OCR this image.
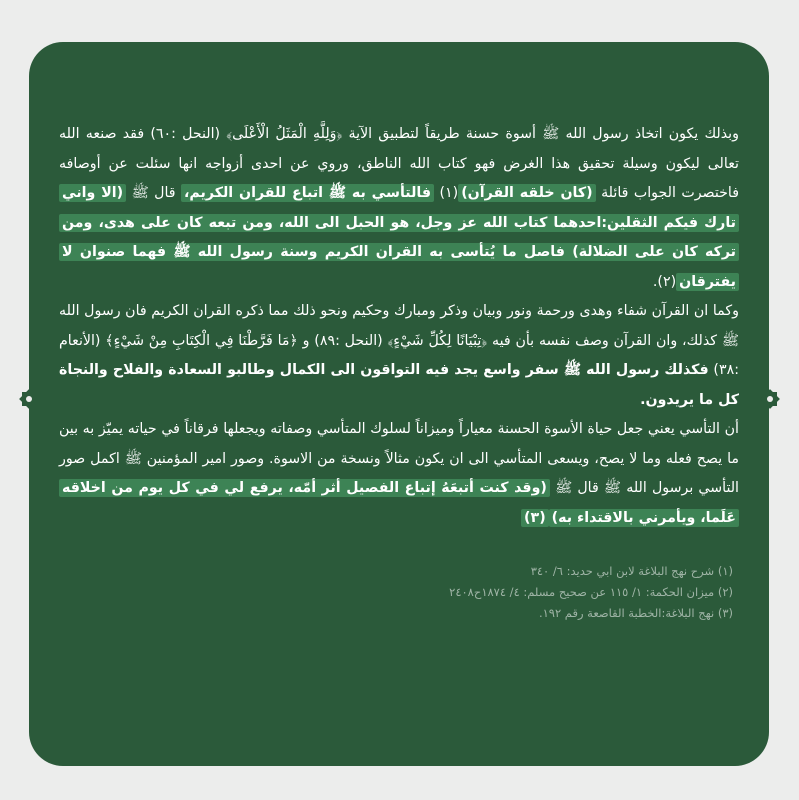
وبذلك يكون اتخاذ رسول الله ﷺ أسوة حسنة طريقاً لتطبيق الآية ﴿وَلِلَّهِ الْمَثَلُ الْأَعْلَى﴾ (النحل :٦٠) فقد صنعه الله تعالى ليكون وسيلة تحقيق هذا الغرض فهو كتاب الله الناطق، وروي عن احدى أزواجه انها سئلت عن أوصافه فاختصرت الجواب قائلة (كان خلقه القرآن)(١) فالتأسي به ﷺ اتباع للقران الكريم، قال ﷺ (الا واني تارك فيكم الثقلين:احدهما كتاب الله عز وجل، هو الحبل الى الله، ومن تبعه كان على هدى، ومن تركه كان على الضلالة) فاصل ما يُتأسى به القران الكريم وسنة رسول الله ﷺ فهما صنوان لا يفترقان(٢).

وكما ان القرآن شفاء وهدى ورحمة ونور وبيان وذكر ومبارك وحكيم ونحو ذلك مما ذكره القران الكريم فان رسول الله ﷺ كذلك، وان القرآن وصف نفسه بأن فيه ﴿تِبْيَانًا لِكُلِّ شَيْءٍ﴾ (النحل :٨٩) و ﴿مَا فَرَّطْنَا فِي الْكِتَابِ مِنْ شَيْءٍ﴾ (الأنعام :٣٨) فكذلك رسول الله ﷺ سفر واسع يجد فيه التواقون الى الكمال وطالبو السعادة والفلاح والنجاة كل ما يريدون.

أن التأسي يعني جعل حياة الأسوة الحسنة معياراً وميزاناً لسلوك المتأسي وصفاته ويجعلها فرقاناً في حياته يميّز به بين ما يصح فعله وما لا يصح، ويسعى المتأسي الى ان يكون مثالاً ونسخة من الاسوة. وصور امير المؤمنين ﷺ اكمل صور التأسي برسول الله ﷺ قال ﷺ (وقد كنت أتبعَهُ إتباع الفصيل أثر أمّه، يرفع لي في كل يوم من اخلاقه عَلَما، ويأمرني بالاقتداء به)(٣)

(١) شرح نهج البلاغة لابن ابي حديد: ٦/ ٣٤٠
(٢) ميزان الحكمة: ١/ ١١٥ عن صحيح مسلم: ٤/ ١٨٧٤ح٢٤٠٨
(٣) نهج البلاغة:الخطبة القاصعة رقم ١٩٢.
